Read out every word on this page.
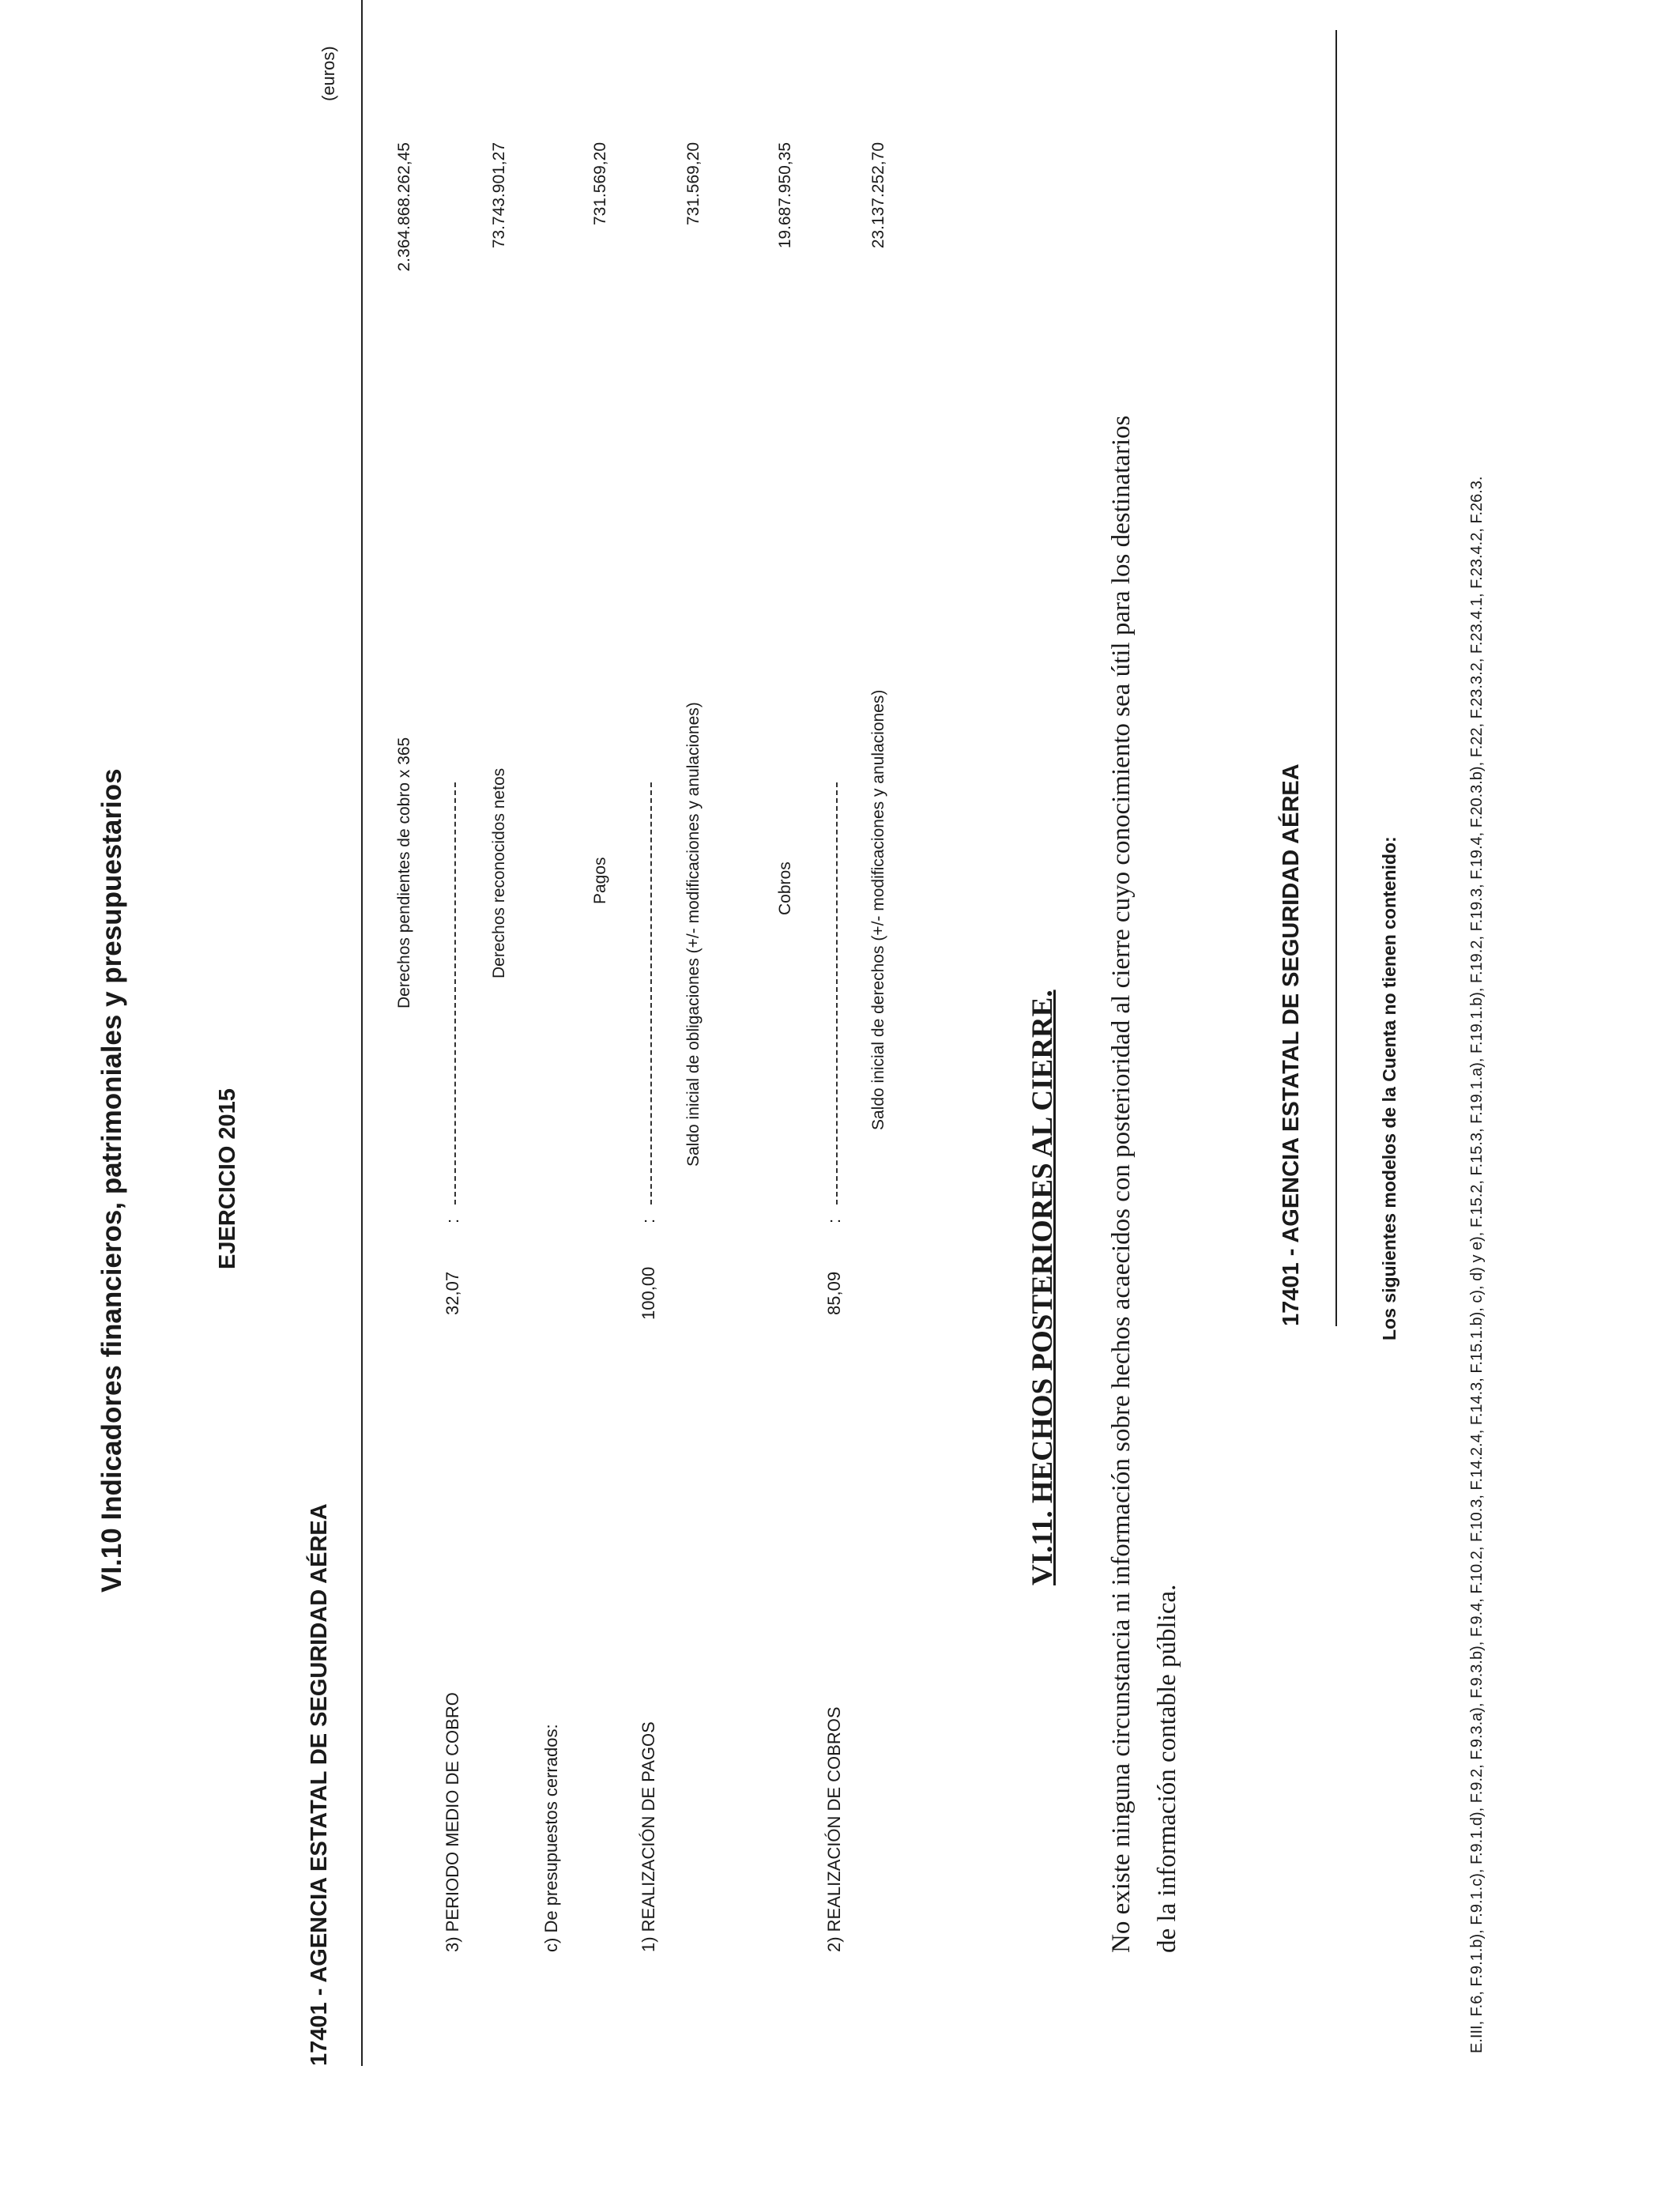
VI.10 Indicadores financieros, patrimoniales y presupuestarios	EJERCICIO 2015
17401 - AGENCIA ESTATAL DE SEGURIDAD AÉREA
(euros)
3) PERIODO MEDIO DE COBRO
32,07
:
Derechos pendientes de cobro x 365	Derechos reconocidos netos
2.364.868.262,45	73.743.901,27
c) De presupuestos cerrados:	1) REALIZACIÓN DE PAGOS
100,00
:
Pagos	Saldo inicial de obligaciones (+/- modificaciones y anulaciones)
731.569,20	731.569,20
2) REALIZACIÓN DE COBROS
85,09
:
Cobros	Saldo inicial de derechos (+/- modificaciones y anulaciones)
19.687.950,35	23.137.252,70
VI.11. HECHOS POSTERIORES AL CIERRE.	No existe ninguna circunstancia ni información sobre hechos acaecidos con posterioridad al cierre cuyo conocimiento sea útil para los destinatarios de la información contable pública.
17401 - AGENCIA ESTATAL DE SEGURIDAD AÉREA	Los siguientes modelos de la Cuenta no tienen contenido:	E.III, F.6, F.9.1.b), F.9.1.c), F.9.1.d), F.9.2, F.9.3.a), F.9.3.b), F.9.4, F.10.2, F.10.3, F.14.2.4, F.14.3, F.15.1.b), c), d) y e), F.15.2, F.15.3, F.19.1.a), F.19.1.b), F.19.2, F.19.3, F.19.4, F.20.3.b), F.22, F.23.3.2, F.23.4.1, F.23.4.2, F.26.3.
